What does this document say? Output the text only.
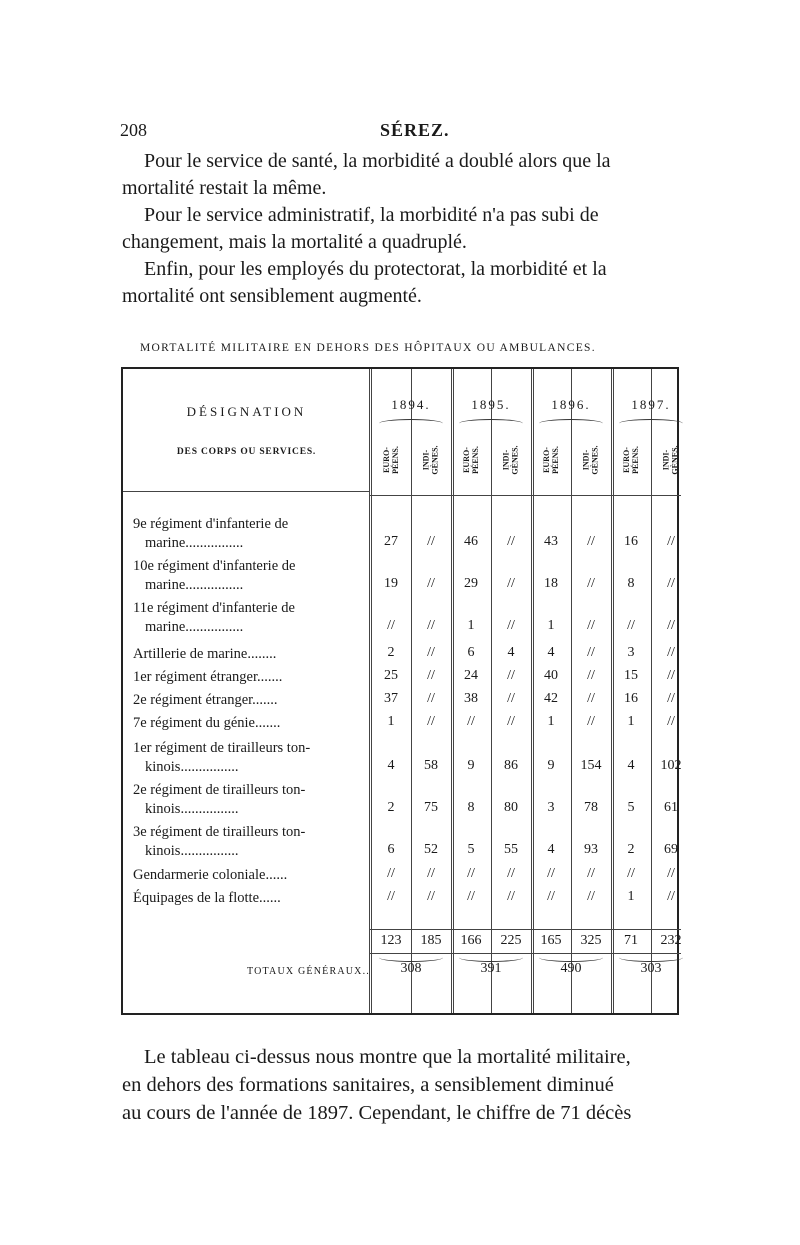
208	SÉREZ.
Pour le service de santé, la morbidité a doublé alors que la
mortalité restait la même.
Pour le service administratif, la morbidité n'a pas subi de
changement, mais la mortalité a quadruplé.
Enfin, pour les employés du protectorat, la morbidité et la
mortalité ont sensiblement augmenté.
MORTALITÉ MILITAIRE EN DEHORS DES HÔPITAUX OU AMBULANCES.
DÉSIGNATION
DES CORPS OU SERVICES.
TOTAUX GÉNÉRAUX..
1894.
EURO-
PÉENS.	INDI-
GÈNES.
1895.
EURO-
PÉENS.	INDI-
GÈNES.
1896.
EURO-
PÉENS.	INDI-
GÈNES.
1897.
EURO-
PÉENS.	INDI-
GÈNES.
9e régiment d'infanterie de
marine................	27	//	46	//	43	//	16	//
10e régiment d'infanterie de
marine................	19	//	29	//	18	//	8	//
11e régiment d'infanterie de
marine................	//	//	1	//	1	//	//	//
Artillerie de marine........	2	//	6	4	4	//	3	//
1er régiment étranger.......	25	//	24	//	40	//	15	//
2e régiment étranger.......	37	//	38	//	42	//	16	//
7e régiment du génie.......	1	//	//	//	1	//	1	//
1er régiment de tirailleurs ton-
kinois................	4	58	9	86	9	154	4	102
2e régiment de tirailleurs ton-
kinois................	2	75	8	80	3	78	5	61
3e régiment de tirailleurs ton-
kinois................	6	52	5	55	4	93	2	69
Gendarmerie coloniale......	//	//	//	//	//	//	//	//
Équipages de la flotte......	//	//	//	//	//	//	1	//
123	185	166	225	165	325	71	232
308	391	490	303
Le tableau ci-dessus nous montre que la mortalité militaire,
en dehors des formations sanitaires, a sensiblement diminué
au cours de l'année de 1897. Cependant, le chiffre de 71 décès
